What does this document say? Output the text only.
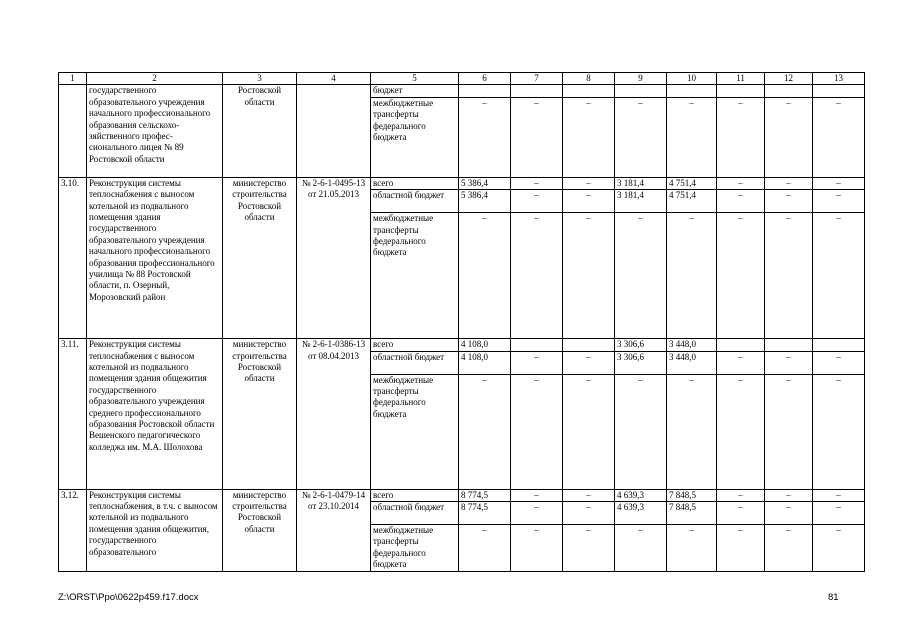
1	2	3	4	5	6	7	8	9	10	11	12	13
	государственного образовательного учреждения начального профессионального образования сельскохо- зяйственного профес- сионального лицея № 89 Ростовской области	Ростовской области		бюджет								
				межбюджетные трансферты федерального бюджета	–	–	–	–	–	–	–	–
3.10.	Реконструкция системы теплоснабжения с выносом котельной из подвального помещения здания государственного образовательного учреждения начального профессионального образования профессионального училища № 88 Ростовской области, п. Озерный, Морозовский район	министерство строительства Ростовской области	№ 2-6-1-0495-13 от 21.05.2013	всего	5 386,4	–	–	3 181,4	4 751,4	–	–	–
				областной бюджет	5 386,4	–	–	3 181,4	4 751,4	–	–	–
				межбюджетные трансферты федерального бюджета	–	–	–	–	–	–	–	–
3.11.	Реконструкция системы теплоснабжения с выносом котельной из подвального помещения здания общежития государственного образовательного учреждения среднего профессионального образования Ростовской области Вешенского педагогического колледжа им. М.А. Шолохова	министерство строительства Ростовской области	№ 2-6-1-0386-13 от 08.04.2013	всего	4 108,0			3 306,6	3 448,0			
				областной бюджет	4 108,0	–	–	3 306,6	3 448,0	–	–	–
				межбюджетные трансферты федерального бюджета	–	–	–	–	–	–	–	–
3.12.	Реконструкция системы теплоснабжения, в т.ч. с выносом котельной из подвального помещения здания общежития, государственного образовательного	министерство строительства Ростовской области	№ 2-6-1-0479-14 от 23.10.2014	всего	8 774,5	–	–	4 639,3	7 848,5	–	–	–
				областной бюджет	8 774,5	–	–	4 639,3	7 848,5	–	–	–
				межбюджетные трансферты федерального бюджета	–	–	–	–	–	–	–	–
Z:\ORST\Ppo\0622p459.f17.docx	81
